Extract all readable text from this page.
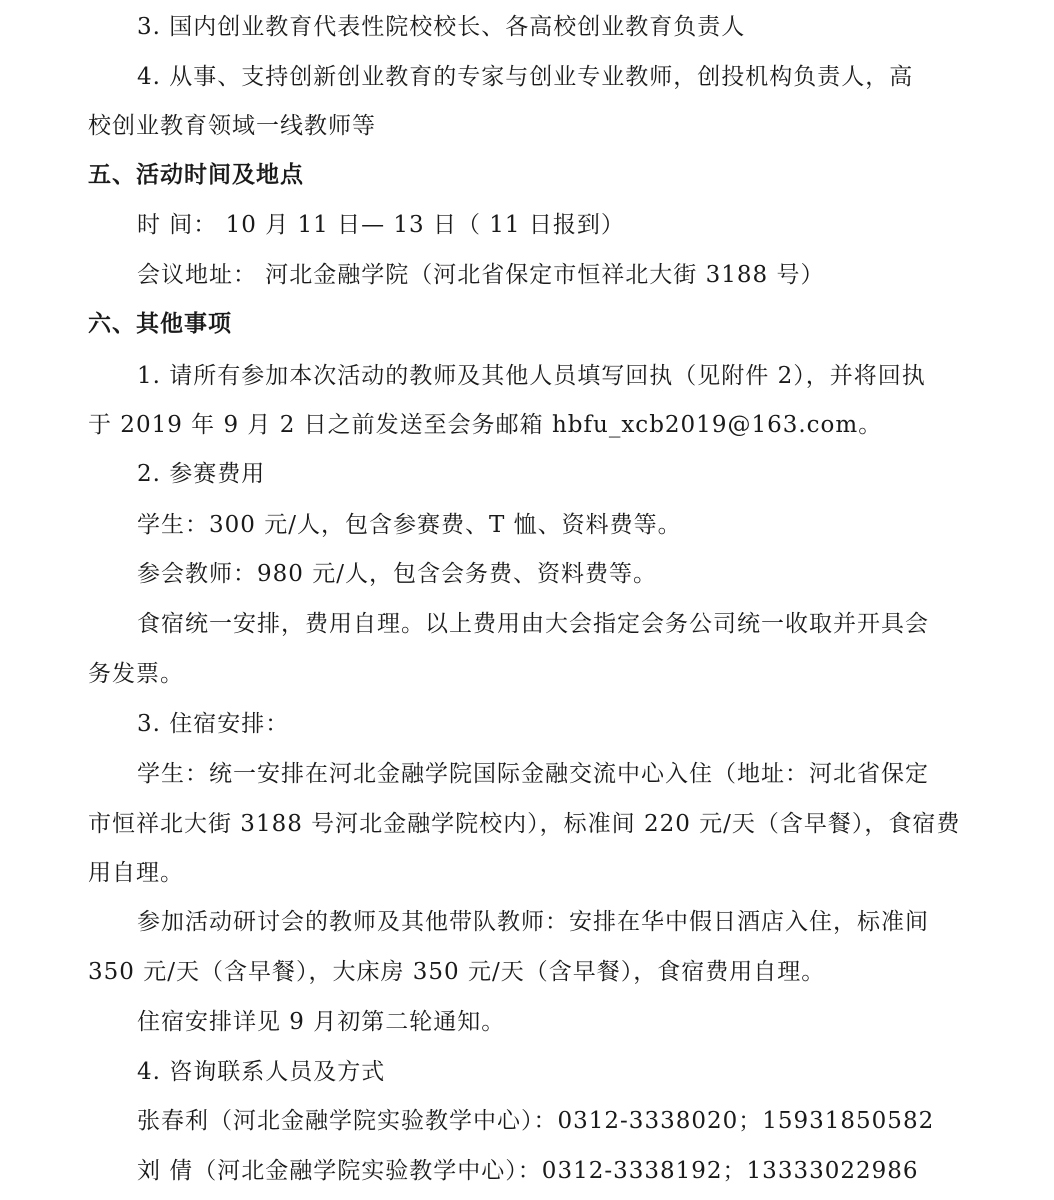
3. 国内创业教育代表性院校校长、各高校创业教育负责人
4. 从事、支持创新创业教育的专家与创业专业教师，创投机构负责人，高
校创业教育领域一线教师等
五、活动时间及地点
时 间： 10 月 11 日— 13 日（ 11 日报到）
会议地址： 河北金融学院（河北省保定市恒祥北大街 3188 号）
六、其他事项
1. 请所有参加本次活动的教师及其他人员填写回执（见附件 2），并将回执
于 2019 年 9 月 2 日之前发送至会务邮箱 hbfu_xcb2019@163.com。
2. 参赛费用
学生：300 元/人，包含参赛费、T 恤、资料费等。
参会教师：980 元/人，包含会务费、资料费等。
食宿统一安排，费用自理。以上费用由大会指定会务公司统一收取并开具会
务发票。
3. 住宿安排：
学生：统一安排在河北金融学院国际金融交流中心入住（地址：河北省保定
市恒祥北大街 3188 号河北金融学院校内），标准间 220 元/天（含早餐），食宿费
用自理。
参加活动研讨会的教师及其他带队教师：安排在华中假日酒店入住，标准间
350 元/天（含早餐），大床房 350 元/天（含早餐），食宿费用自理。
住宿安排详见 9 月初第二轮通知。
4. 咨询联系人员及方式
张春利（河北金融学院实验教学中心）：0312-3338020；15931850582
刘 倩（河北金融学院实验教学中心）：0312-3338192；13333022986
